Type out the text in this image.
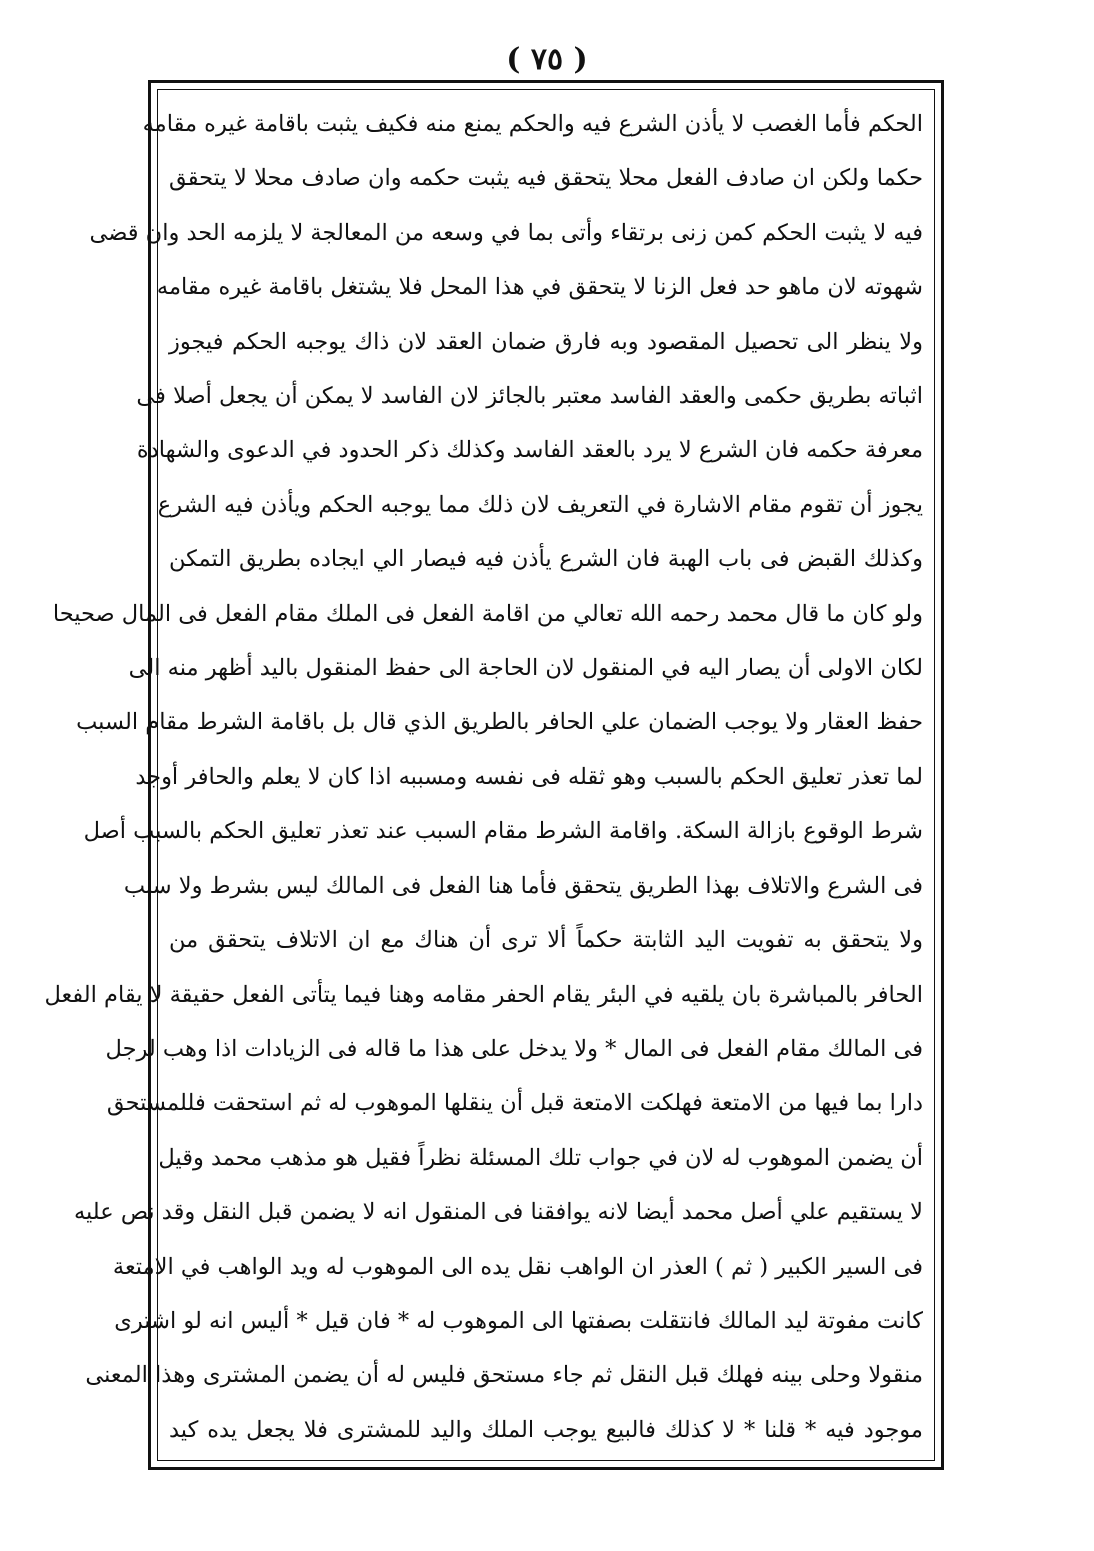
( ٧٥ )
الحكم فأما الغصب لا يأذن الشرع فيه والحكم يمنع منه فكيف يثبت باقامة غيره مقامه
حكما ولكن ان صادف الفعل محلا يتحقق فيه يثبت حكمه وان صادف محلا لا يتحقق
فيه لا يثبت الحكم كمن زنى برتقاء وأتى بما في وسعه من المعالجة لا يلزمه الحد وان قضى
شهوته لان ماهو حد فعل الزنا لا يتحقق في هذا المحل فلا يشتغل باقامة غيره مقامه
ولا ينظر الى تحصيل المقصود وبه فارق ضمان العقد لان ذاك يوجبه الحكم فيجوز
اثباته بطريق حكمى والعقد الفاسد معتبر بالجائز لان الفاسد لا يمكن أن يجعل أصلا فى
معرفة حكمه فان الشرع لا يرد بالعقد الفاسد وكذلك ذكر الحدود في الدعوى والشهادة
يجوز أن تقوم مقام الاشارة في التعريف لان ذلك مما يوجبه الحكم ويأذن فيه الشرع
وكذلك القبض فى باب الهبة فان الشرع يأذن فيه فيصار الي ايجاده بطريق التمكن
ولو كان ما قال محمد رحمه الله تعالي من اقامة الفعل فى الملك مقام الفعل فى المال صحيحا
لكان الاولى أن يصار اليه في المنقول لان الحاجة الى حفظ المنقول باليد أظهر منه الى
حفظ العقار ولا يوجب الضمان علي الحافر بالطريق الذي قال بل باقامة الشرط مقام السبب
لما تعذر تعليق الحكم بالسبب وهو ثقله فى نفسه ومسببه اذا كان لا يعلم والحافر أوجد
شرط الوقوع بازالة السكة. واقامة الشرط مقام السبب عند تعذر تعليق الحكم بالسبب أصل
فى الشرع والاتلاف بهذا الطريق يتحقق فأما هنا الفعل فى المالك ليس بشرط ولا سبب
ولا يتحقق به تفويت اليد الثابتة حكماً ألا ترى أن هناك مع ان الاتلاف يتحقق من
الحافر بالمباشرة بان يلقيه في البئر يقام الحفر مقامه وهنا فيما يتأتى الفعل حقيقة لا يقام الفعل
فى المالك مقام الفعل فى المال * ولا يدخل على هذا ما قاله فى الزيادات اذا وهب لرجل
دارا بما فيها من الامتعة فهلكت الامتعة قبل أن ينقلها الموهوب له ثم استحقت فللمستحق
أن يضمن الموهوب له لان في جواب تلك المسئلة نظراً فقيل هو مذهب محمد وقيل
لا يستقيم علي أصل محمد أيضا لانه يوافقنا فى المنقول انه لا يضمن قبل النقل وقد نص عليه
فى السير الكبير ( ثم ) العذر ان الواهب نقل يده الى الموهوب له ويد الواهب في الامتعة
كانت مفوتة ليد المالك فانتقلت بصفتها الى الموهوب له * فان قيل * أليس انه لو اشترى
منقولا وحلى بينه فهلك قبل النقل ثم جاء مستحق فليس له أن يضمن المشترى وهذا المعنى
موجود فيه * قلنا * لا كذلك فالبيع يوجب الملك واليد للمشترى فلا يجعل يده كيد
